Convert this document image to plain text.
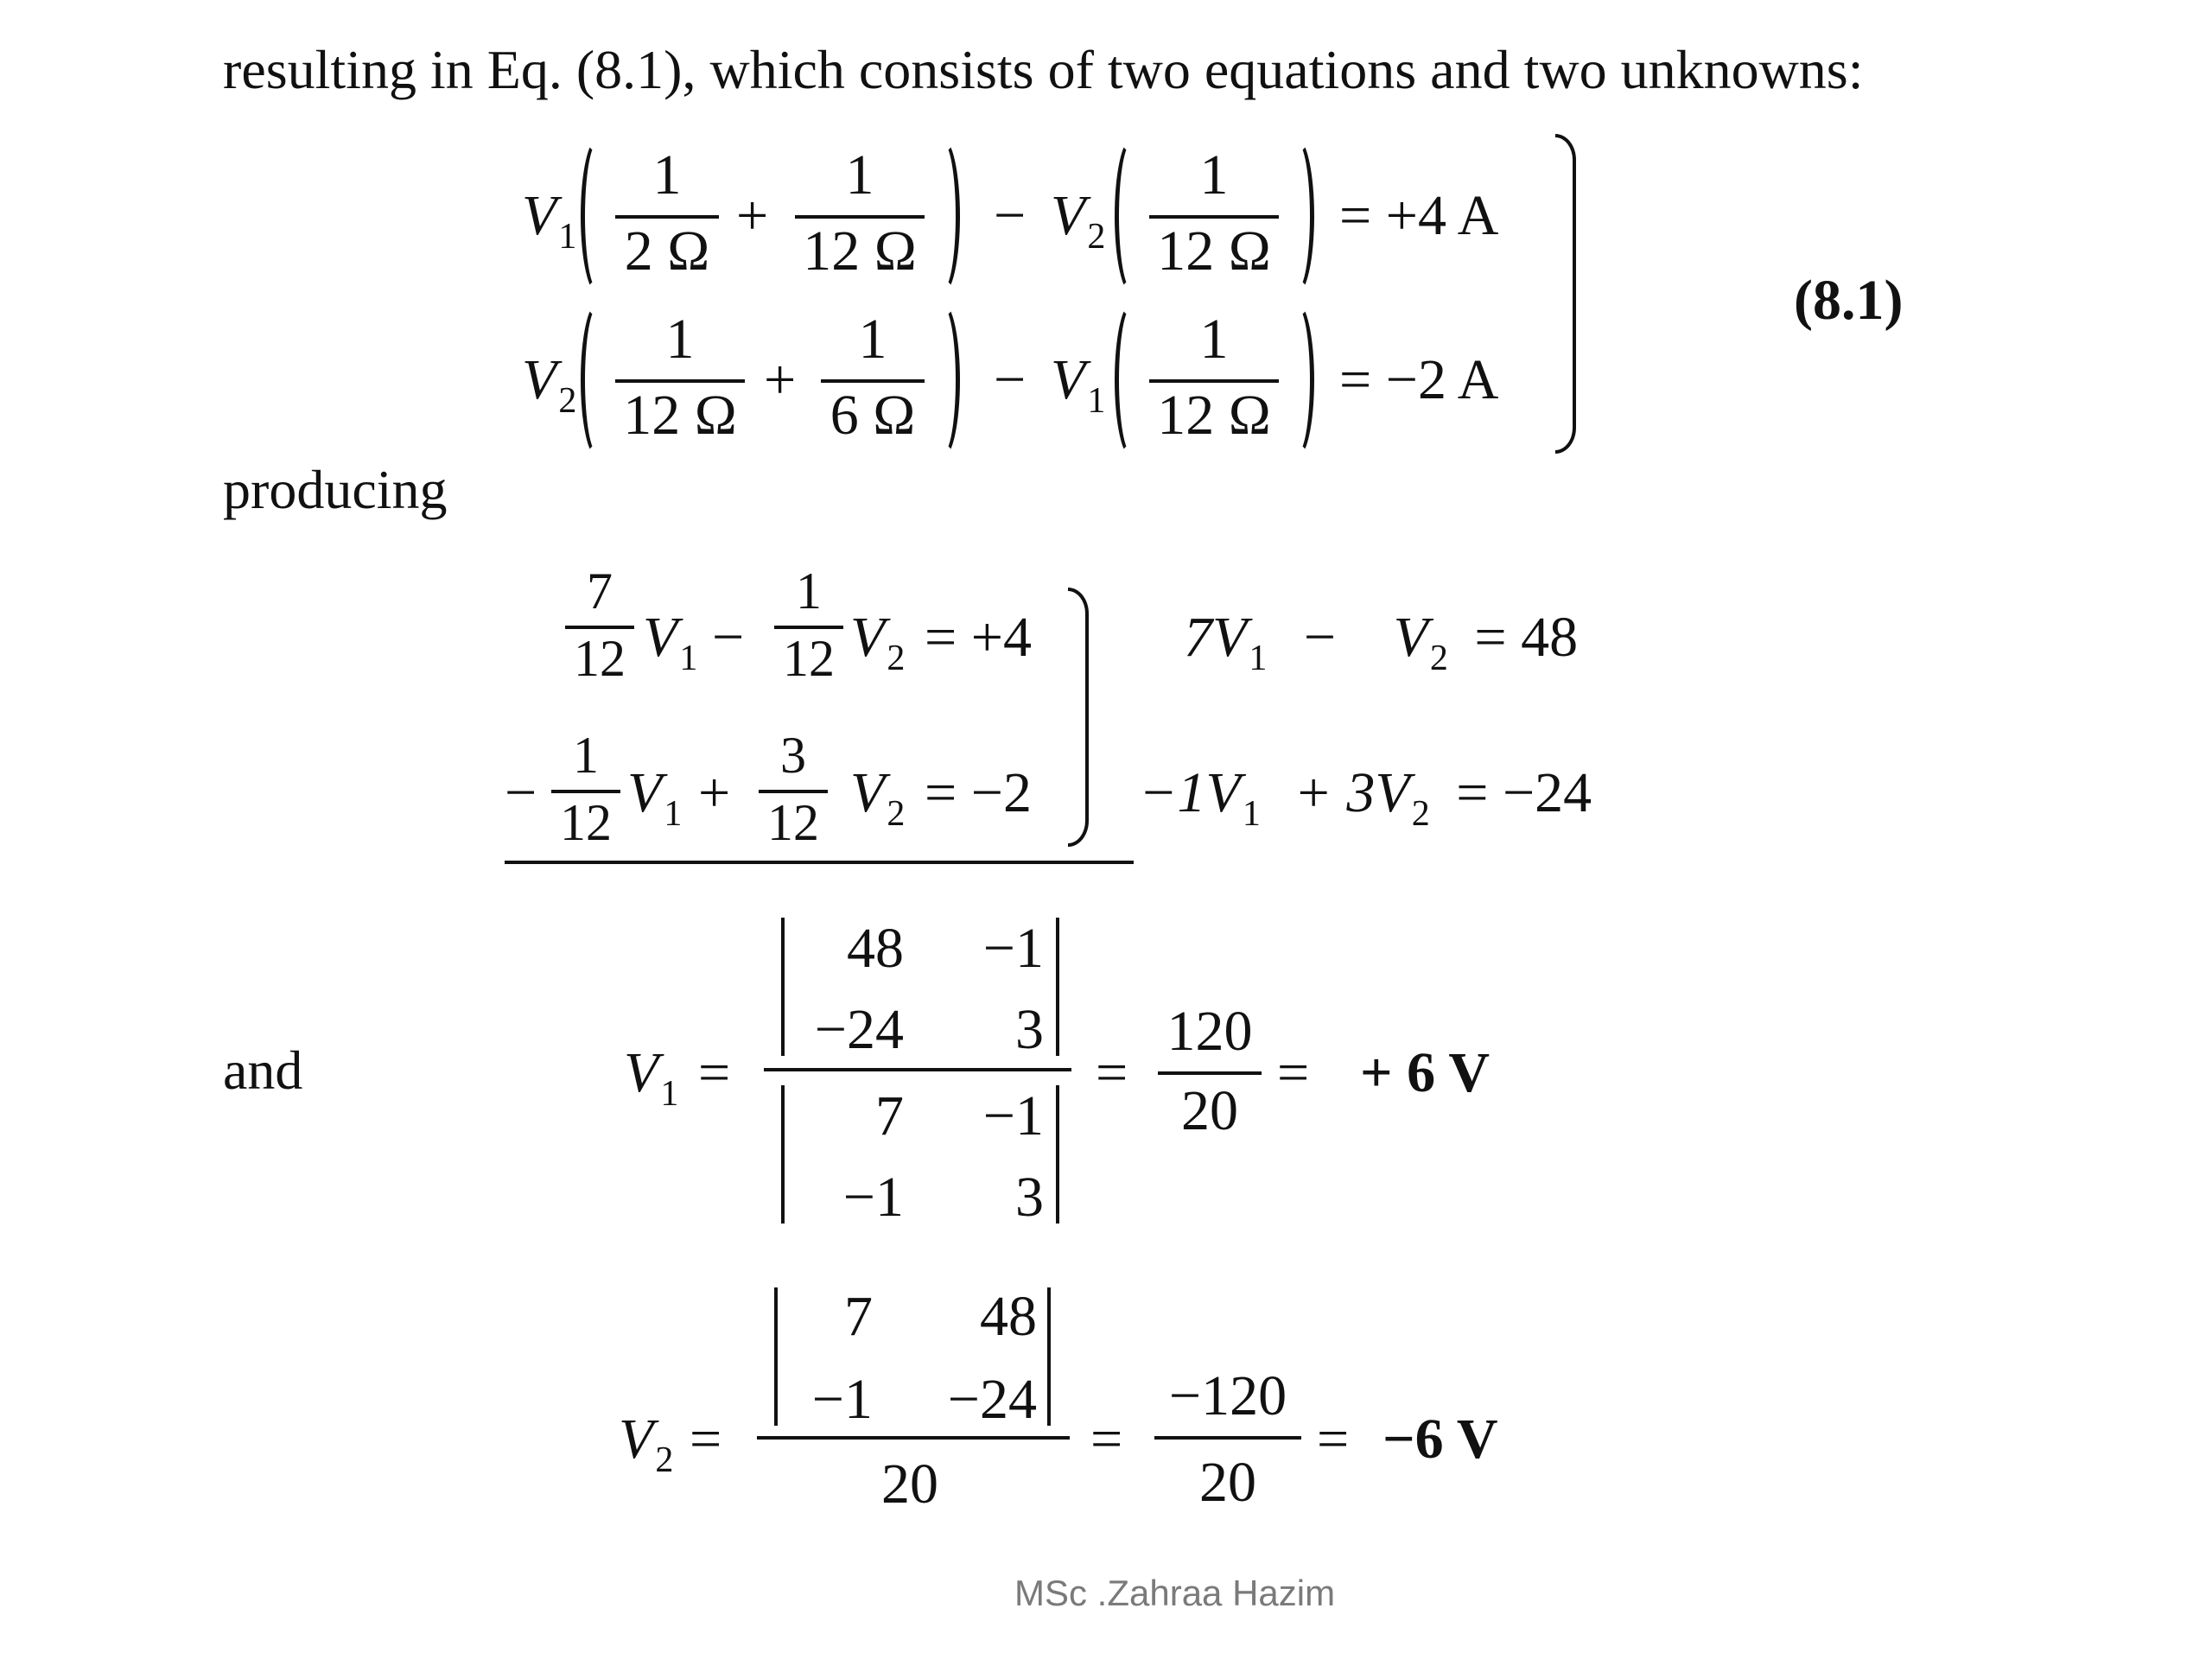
resulting in Eq. (8.1), which consists of two equations and two unknowns:
$V_1$
1
2 Ω
+
1
12 Ω
− $V_2$
1
12 Ω
= +4 A
$V_2$
1
12 Ω
+
1
6 Ω
− $V_1$
1
12 Ω
= −2 A
(8.1)
producing
7
12 $V_1$ −
1
12 $V_2 = +4$
−
1
12 $V_1$ +
3
12 $V_2 = -2$
$7V_1 - V_2 = 48$
$-1V_1 + 3V_2 = -24$
and	$V_1$ =
48	−1
−24	3
7	−1
−1	3
=
120
20
= + 6 V
$V_2$ =
7	48
−1	−24
20
=
−120
20
= −6 V
MSc .Zahraa Hazim
